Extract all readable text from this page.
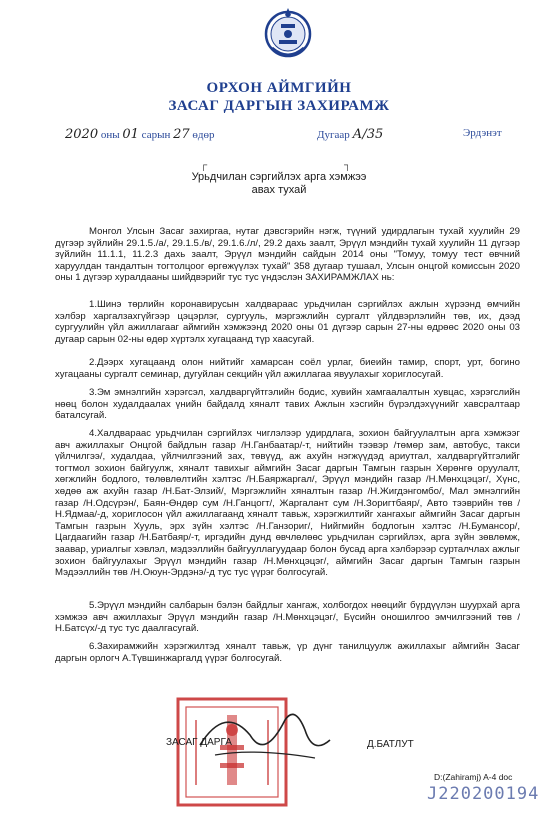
ОРХОН АЙМГИЙН
ЗАСАГ ДАРГЫН ЗАХИРАМЖ
2020 оны 01 сарын 27 өдөр	Дугаар А/35	Эрдэнэт
┌	┐
Урьдчилан сэргийлэх арга хэмжээ
авах тухай

Монгол Улсын Засаг захиргаа, нутаг дэвсгэрийн нэгж, түүний удирдлагын тухай хуулийн 29 дүгээр зүйлийн 29.1.5./а/, 29.1.5./в/, 29.1.6./л/, 29.2 дахь заалт, Эрүүл мэндийн тухай хуулийн 11 дүгээр зүйлийн 11.1.1, 11.2.3 дахь заалт, Эрүүл мэндийн сайдын 2014 оны "Томуу, томуу тест өвчний харуулдан тандалтын тогтолцоог өргөжүүлэх тухай" 358 дугаар тушаал, Улсын онцгой комиссын 2020 оны 1 дүгээр хуралдааны шийдвэрийг тус тус үндэслэн ЗАХИРАМЖЛАХ нь:

1.Шинэ төрлийн коронавирусын халдвараас урьдчилан сэргийлэх ажлын хүрээнд өмчийн хэлбэр харгалзахгүйгээр цэцэрлэг, сургууль, мэргэжлийн сургалт үйлдвэрлэлийн төв, их, дээд сургуулийн үйл ажиллагааг аймгийн хэмжээнд 2020 оны 01 дүгээр сарын 27-ны өдрөөс 2020 оны 03 дугаар сарын 02-ны өдөр хүртэлх хугацаанд түр хаасугай.

2.Дээрх хугацаанд олон нийтийг хамарсан соёл урлаг, биеийн тамир, спорт, урт, богино хугацааны сургалт семинар, дугуйлан секцийн үйл ажиллагаа явуулахыг хориглосугай.

3.Эм эмнэлгийн хэрэгсэл, халдваргүйтгэлийн бодис, хувийн хамгаалалтын хувцас, хэрэгслийн нөөц болон худалдаалах үнийн байдалд хяналт тавих Ажлын хэсгийн бүрэлдэхүүнийг хавсралтаар баталсугай.

4.Халдвараас урьдчилан сэргийлэх чиглэлээр удирдлага, зохион байгуулалтын арга хэмжээг авч ажиллахыг Онцгой байдлын газар /Н.Ганбаатар/-т, нийтийн тээвэр /төмөр зам, автобус, такси үйлчилгээ/, худалдаа, үйлчилгээний зах, төвүүд, аж ахуйн нэгжүүдэд ариутгал, халдваргүйтгэлийг тогтмол зохион байгуулж, хяналт тавихыг аймгийн Засаг даргын Тамгын газрын Хөрөнгө оруулалт, хөгжлийн бодлого, төлөвлөлтийн хэлтэс /Н.Баяржаргал/, Эрүүл мэндийн газар /Н.Мөнхцэцэг/, Хүнс, хөдөө аж ахуйн газар /Н.Бат-Элзий/, Мэргэжлийн хяналтын газар /Н.Жигдэнгомбо/, Мал эмнэлгийн газар /Н.Одсүрэн/, Баян-Өндөр сум /Н.Ганцогт/, Жаргалант сум /Н.Зоригтбаяр/, Авто тээврийн төв /Н.Ядмаа/-д, хориглосон үйл ажиллагаанд хяналт тавьж, хэрэгжилтийг хангахыг аймгийн Засаг даргын Тамгын газрын Хууль, эрх зүйн хэлтэс /Н.Ганзориг/, Нийгмийн бодлогын хэлтэс /Н.Бумансор/, Цагдаагийн газар /Н.Батбаяр/-т, иргэдийн дунд өвчлөлөөс урьдчилан сэргийлэх, арга зүйн зөвлөмж, заавар, уриалгыг хэвлэл, мэдээллийн байгууллагуудаар болон бусад арга хэлбэрээр сурталчлах ажлыг зохион байгуулахыг Эрүүл мэндийн газар /Н.Мөнхцэцэг/, аймгийн Засаг даргын Тамгын газрын Мэдээллийн төв /Н.Оюун-Эрдэнэ/-д тус тус үүрэг болгосугай.

5.Эрүүл мэндийн салбарын бэлэн байдлыг хангаж, холбогдох нөөцийг бүрдүүлэн шуурхай арга хэмжээ авч ажиллахыг Эрүүл мэндийн газар /Н.Мөнхцэцэг/, Бүсийн оношилгоо эмчилгээний төв /Н.Батсүх/-д тус тус даалгасугай.

6.Захирамжийн хэрэгжилтэд хяналт тавьж, үр дүнг танилцуулж ажиллахыг аймгийн Засаг даргын орлогч А.Түвшинжаргалд үүрэг болгосугай.

ЗАСАГ ДАРГА	Д.БАТЛУТ
D:(Zahiramj) A-4 doc
J220200194
